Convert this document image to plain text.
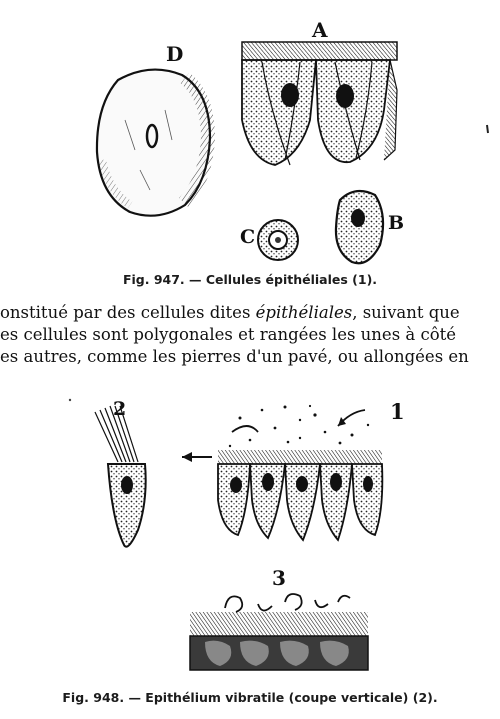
D
A
C
B
Fig. 947. — Cellules épithéliales (1).
onstitué par des cellules dites épithéliales, suivant que
es cellules sont polygonales et rangées les unes à côté
es autres, comme les pierres d'un pavé, ou allongées en
2	1
3
Fig. 948. — Epithélium vibratile (coupe verticale) (2).
